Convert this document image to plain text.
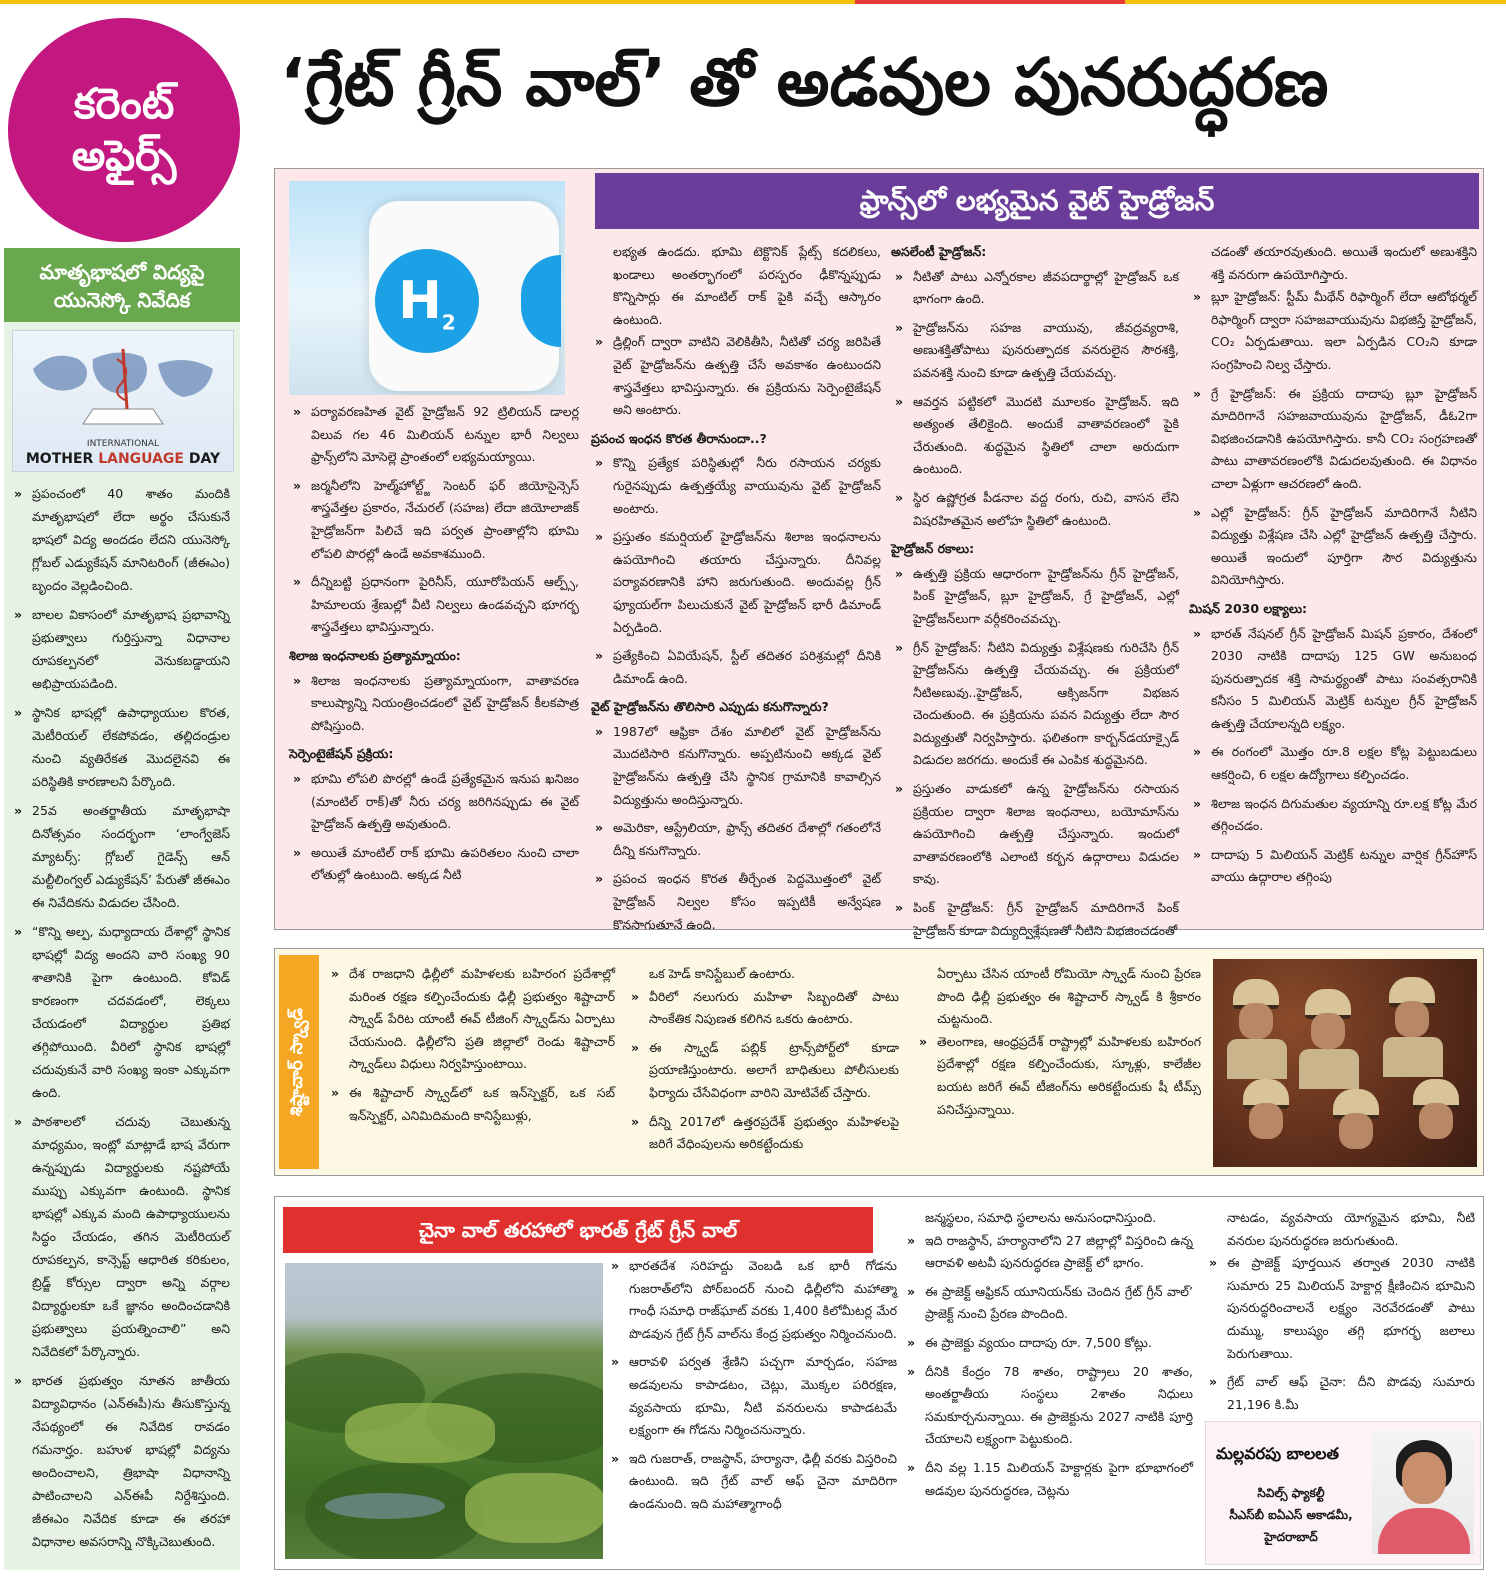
కరెంట్
అఫైర్స్
‘గ్రేట్ గ్రీన్ వాల్’ తో అడవుల పునరుద్ధరణ
మాతృభాషలో విద్యపై యునెస్కో నివేదిక
INTERNATIONAL
MOTHER LANGUAGE DAY
» ప్రపంచంలో 40 శాతం మందికి మాతృభాషలో లేదా అర్థం చేసుకునే భాషలో విద్య అందడం లేదని యునెస్కో గ్లోబల్ ఎడ్యుకేషన్ మానిటరింగ్ (జీఈఎం) బృందం వెల్లడించింది.
» బాలల వికాసంలో మాతృభాష ప్రభావాన్ని ప్రభుత్వాలు గుర్తిస్తున్నా విధానాల రూపకల్పనలో వెనుకబడ్డాయని అభిప్రాయపడింది.
» స్థానిక భాషల్లో ఉపాధ్యాయుల కొరత, మెటీరియల్ లేకపోవడం, తల్లిదండ్రుల నుంచి వ్యతిరేకత మొదలైనవి ఈ పరిస్థితికి కారణాలని పేర్కొంది.
» 25వ అంతర్జాతీయ మాతృభాషా దినోత్సవం సందర్భంగా ‘లాంగ్వేజెస్ మ్యాటర్స్: గ్లోబల్ గైడెన్స్ ఆన్ మల్టీలింగ్వల్ ఎడ్యుకేషన్’ పేరుతో జీఈఎం ఈ నివేదికను విడుదల చేసింది.
» “కొన్ని అల్ప, మధ్యాదాయ దేశాల్లో స్థానిక భాషల్లో విద్య అందని వారి సంఖ్య 90 శాతానికి పైగా ఉంటుంది. కోవిడ్ కారణంగా చదవడంలో, లెక్కలు చేయడంలో విద్యార్థుల ప్రతిభ తగ్గిపోయింది. వీరిలో స్థానిక భాషల్లో చదువుకునే వారి సంఖ్య ఇంకా ఎక్కువగా ఉంది.
» పాఠశాలలో చదువు చెబుతున్న మాధ్యమం, ఇంట్లో మాట్లాడే భాష వేరుగా ఉన్నప్పుడు విద్యార్థులకు నష్టపోయే ముప్పు ఎక్కువగా ఉంటుంది. స్థానిక భాషల్లో ఎక్కువ మంది ఉపాధ్యాయులను సిద్ధం చేయడం, తగిన మెటీరియల్ రూపకల్పన, కాన్సెప్ట్ ఆధారిత కరికులం, బ్రిడ్జ్ కోర్సుల ద్వారా అన్ని వర్గాల విద్యార్థులకూ ఒకే జ్ఞానం అందించడానికి ప్రభుత్వాలు ప్రయత్నించాలి” అని నివేదికలో పేర్కొన్నారు.
» భారత ప్రభుత్వం నూతన జాతీయ విద్యావిధానం (ఎన్ఈపీ)ను తీసుకొస్తున్న నేపథ్యంలో ఈ నివేదిక రావడం గమనార్హం. బహుళ భాషల్లో విద్యను అందించాలని, త్రిభాషా విధానాన్ని పాటించాలని ఎన్ఈపీ నిర్దేశిస్తుంది. జీఈఎం నివేదిక కూడా ఈ తరహా విధానాల అవసరాన్ని నొక్కిచెబుతుంది.
$H_2$
ఫ్రాన్స్‌లో లభ్యమైన వైట్ హైడ్రోజన్
» పర్యావరణహిత వైట్ హైడ్రోజన్ 92 ట్రిలియన్ డాలర్ల విలువ గల 46 మిలియన్ టన్నుల భారీ నిల్వలు ఫ్రాన్స్‌లోని మోసెల్లె ప్రాంతంలో లభ్యమయ్యాయి.
» జర్మనీలోని హెల్మ్‌హోల్ట్జ్ సెంటర్ ఫర్ జియోసైన్సెస్ శాస్త్రవేత్తల ప్రకారం, నేచురల్ (సహజ) లేదా జియోలాజిక్ హైడ్రోజన్‌గా పిలిచే ఇది పర్వత ప్రాంతాల్లోని భూమి లోపలి పొరల్లో ఉండే అవకాశముంది.
» దీన్నిబట్టి ప్రధానంగా పైరినీస్, యూరోపియన్ ఆల్ప్స్, హిమాలయ శ్రేణుల్లో వీటి నిల్వలు ఉండవచ్చని భూగర్భ శాస్త్రవేత్తలు భావిస్తున్నారు.
శిలాజ ఇంధనాలకు ప్రత్యామ్నాయం:
» శిలాజ ఇంధనాలకు ప్రత్యామ్నాయంగా, వాతావరణ కాలుష్యాన్ని నియంత్రించడంలో వైట్ హైడ్రోజన్ కీలకపాత్ర పోషిస్తుంది.
సెర్పెంటైజేషన్ ప్రక్రియ:
» భూమి లోపలి పొరల్లో ఉండే ప్రత్యేకమైన ఇనుప ఖనిజం (మాంటిల్ రాక్)తో నీరు చర్య జరిగినప్పుడు ఈ వైట్ హైడ్రోజన్ ఉత్పత్తి అవుతుంది.
» అయితే మాంటిల్ రాక్ భూమి ఉపరితలం నుంచి చాలా లోతుల్లో ఉంటుంది. అక్కడ నీటి
లభ్యత ఉండదు. భూమి టెక్టొనిక్ ప్లేట్స్ కదలికలు, ఖండాలు అంతర్భాగంలో పరస్పరం ఢీకొన్నప్పుడు కొన్నిసార్లు ఈ మాంటిల్ రాక్ పైకి వచ్చే ఆస్కారం ఉంటుంది.
» డ్రిల్లింగ్ ద్వారా వాటిని వెలికితీసి, నీటితో చర్య జరిపితే వైట్ హైడ్రోజన్‌ను ఉత్పత్తి చేసే అవకాశం ఉంటుందని శాస్త్రవేత్తలు భావిస్తున్నారు. ఈ ప్రక్రియను సెర్పెంటైజేషన్ అని అంటారు.
ప్రపంచ ఇంధన కొరత తీరానుందా..?
» కొన్ని ప్రత్యేక పరిస్థితుల్లో నీరు రసాయన చర్యకు గురైనప్పుడు ఉత్పత్తయ్యే వాయువును వైట్ హైడ్రోజన్ అంటారు.
» ప్రస్తుతం కమర్షియల్ హైడ్రోజన్‌ను శిలాజ ఇంధనాలను ఉపయోగించి తయారు చేస్తున్నారు. దీనివల్ల పర్యావరణానికి హాని జరుగుతుంది. అందువల్ల గ్రీన్ ఫ్యూయల్‌గా పిలుచుకునే వైట్ హైడ్రోజన్ భారీ డిమాండ్ ఏర్పడింది.
» ప్రత్యేకించి ఏవియేషన్, స్టీల్ తదితర పరిశ్రమల్లో దీనికి డిమాండ్ ఉంది.
వైట్ హైడ్రోజన్‌ను తొలిసారి ఎప్పుడు కనుగొన్నారు?
» 1987లో ఆఫ్రికా దేశం మాలిలో వైట్ హైడ్రోజన్‌ను మొదటిసారి కనుగొన్నారు. అప్పటినుంచి అక్కడ వైట్ హైడ్రోజన్‌ను ఉత్పత్తి చేసి స్థానిక గ్రామానికి కావాల్సిన విద్యుత్తును అందిస్తున్నారు.
» అమెరికా, ఆస్ట్రేలియా, ఫ్రాన్స్ తదితర దేశాల్లో గతంలోనే దీన్ని కనుగొన్నారు.
» ప్రపంచ ఇంధన కొరత తీర్చేంత పెద్దమొత్తంలో వైట్ హైడ్రోజన్ నిల్వల కోసం ఇప్పటికీ అన్వేషణ కొనసాగుతూనే ఉంది.
అసలేంటీ హైడ్రోజన్:
» నీటితో పాటు ఎన్నోరకాల జీవపదార్థాల్లో హైడ్రోజన్ ఒక భాగంగా ఉంది.
» హైడ్రోజన్‌ను సహజ వాయువు, జీవద్రవ్యరాశి, అణుశక్తితోపాటు పునరుత్పాదక వనరులైన సౌరశక్తి, పవనశక్తి నుంచి కూడా ఉత్పత్తి చేయవచ్చు.
» ఆవర్తన పట్టికలో మొదటి మూలకం హైడ్రోజన్. ఇది అత్యంత తేలికైంది. అందుకే వాతావరణంలో పైకి చేరుతుంది. శుద్ధమైన స్థితిలో చాలా అరుదుగా ఉంటుంది.
» స్థిర ఉష్ణోగ్రత పీడనాల వద్ద రంగు, రుచి, వాసన లేని విషరహితమైన అలోహ స్థితిలో ఉంటుంది.
హైడ్రోజన్ రకాలు:
» ఉత్పత్తి ప్రక్రియ ఆధారంగా హైడ్రోజన్‌ను గ్రీన్ హైడ్రోజన్, పింక్ హైడ్రోజన్, బ్లూ హైడ్రోజన్, గ్రే హైడ్రోజన్, ఎల్లో హైడ్రోజన్‌లుగా వర్గీకరించవచ్చు.
» గ్రీన్ హైడ్రోజన్: నీటిని విద్యుత్తు విశ్లేషణకు గురిచేసి గ్రీన్ హైడ్రోజన్‌ను ఉత్పత్తి చేయవచ్చు. ఈ ప్రక్రియలో నీటిఅణువు..హైడ్రోజన్, ఆక్సిజన్‌గా విభజన చెందుతుంది. ఈ ప్రక్రియను పవన విద్యుత్తు లేదా సౌర విద్యుత్తుతో నిర్వహిస్తారు. ఫలితంగా కార్బన్‌డయాక్సైడ్ విడుదల జరగదు. అందుకే ఈ ఎంపిక శుద్ధమైనది.
» ప్రస్తుతం వాడుకలో ఉన్న హైడ్రోజన్‌ను రసాయన ప్రక్రియల ద్వారా శిలాజ ఇంధనాలు, బయోమాస్‌ను ఉపయోగించి ఉత్పత్తి చేస్తున్నారు. ఇందులో వాతావరణంలోకి ఎలాంటి కర్బన ఉద్గారాలు విడుదల కావు.
» పింక్ హైడ్రోజన్: గ్రీన్ హైడ్రోజన్ మాదిరిగానే పింక్ హైడ్రోజన్ కూడా విద్యుద్విశ్లేషణతో నీటిని విభజించడంతో
చడంతో తయారవుతుంది. అయితే ఇందులో అణుశక్తిని శక్తి వనరుగా ఉపయోగిస్తారు.
» బ్లూ హైడ్రోజన్: స్టీమ్ మీథేన్ రిఫార్మింగ్ లేదా ఆటోథర్మల్ రిఫార్మింగ్ ద్వారా సహజవాయువును విభజిస్తే హైడ్రోజన్, CO₂ ఏర్పడుతాయి. ఇలా ఏర్పడిన CO₂ని కూడా సంగ్రహించి నిల్వ చేస్తారు.
» గ్రే హైడ్రోజన్: ఈ ప్రక్రియ దాదాపు బ్లూ హైడ్రోజన్ మాదిరిగానే సహజవాయువును హైడ్రోజన్, డీఓ2గా విభజించడానికి ఉపయోగిస్తారు. కానీ CO₂ సంగ్రహణతో పాటు వాతావరణంలోకి విడుదలవుతుంది. ఈ విధానం చాలా ఏళ్లుగా ఆచరణలో ఉంది.
» ఎల్లో హైడ్రోజన్: గ్రీన్ హైడ్రోజన్ మాదిరిగానే నీటిని విద్యుత్తు విశ్లేషణ చేసి ఎల్లో హైడ్రోజన్ ఉత్పత్తి చేస్తారు. అయితే ఇందులో పూర్తిగా సౌర విద్యుత్తును వినియోగిస్తారు.
మిషన్ 2030 లక్ష్యాలు:
» భారత్ నేషనల్ గ్రీన్ హైడ్రోజన్ మిషన్ ప్రకారం, దేశంలో 2030 నాటికి దాదాపు 125 GW అనుబంధ పునరుత్పాదక శక్తి సామర్థ్యంతో పాటు సంవత్సరానికి కనీసం 5 మిలియన్ మెట్రిక్ టన్నుల గ్రీన్ హైడ్రోజన్ ఉత్పత్తి చేయాలన్నది లక్ష్యం.
» ఈ రంగంలో మొత్తం రూ.8 లక్షల కోట్ల పెట్టుబడులు ఆకర్షించి, 6 లక్షల ఉద్యోగాలు కల్పించడం.
» శిలాజ ఇంధన దిగుమతుల వ్యయాన్ని రూ.లక్ష కోట్ల మేర తగ్గించడం.
» దాదాపు 5 మిలియన్ మెట్రిక్ టన్నుల వార్షిక గ్రీన్‌హౌస్ వాయు ఉద్గారాల తగ్గింపు
శిష్టాచార్ స్క్వాడ్
» దేశ రాజధాని ఢిల్లీలో మహిళలకు బహిరంగ ప్రదేశాల్లో మరింత రక్షణ కల్పించేందుకు ఢిల్లీ ప్రభుత్వం శిష్టాచార్ స్క్వాడ్ పేరిట యాంటీ ఈవ్ టీజింగ్ స్క్వాడ్‌ను ఏర్పాటు చేయనుంది. ఢిల్లీలోని ప్రతి జిల్లాలో రెండు శిష్టాచార్ స్క్వాడ్‌లు విధులు నిర్వహిస్తుంటాయి.
» ఈ శిష్టాచార్ స్క్వాడ్‌లో ఒక ఇన్‌స్పెక్టర్, ఒక సబ్ ఇన్‌స్పెక్టర్, ఎనిమిదిమంది కానిస్టేబుళ్లు,
ఒక హెడ్ కానిస్టేబుల్ ఉంటారు.
» వీరిలో నలుగురు మహిళా సిబ్బందితో పాటు సాంకేతిక నిపుణత కలిగిన ఒకరు ఉంటారు.
» ఈ స్క్వాడ్ పబ్లిక్ ట్రాన్స్‌పోర్ట్‌లో కూడా ప్రయాణిస్తుంటారు. అలాగే బాధితులు పోలీసులకు ఫిర్యాదు చేసేవిధంగా వారిని మోటివేట్ చేస్తారు.
» దీన్ని 2017లో ఉత్తరప్రదేశ్ ప్రభుత్వం మహిళలపై జరిగే వేధింపులను అరికట్టేందుకు
ఏర్పాటు చేసిన యాంటీ రోమియో స్క్వాడ్ నుంచి ప్రేరణ పొంది ఢిల్లీ ప్రభుత్వం ఈ శిష్టాచార్ స్క్వాడ్ కి శ్రీకారం చుట్టనుంది.
» తెలంగాణ, ఆంధ్రప్రదేశ్ రాష్ట్రాల్లో మహిళలకు బహిరంగ ప్రదేశాల్లో రక్షణ కల్పించేందుకు, స్కూళ్లు, కాలేజీల బయట జరిగే ఈవ్ టీజింగ్‌ను అరికట్టేందుకు షీ టీమ్స్ పనిచేస్తున్నాయి.
చైనా వాల్ తరహాలో భారత్ గ్రేట్ గ్రీన్ వాల్
» భారతదేశ సరిహద్దు వెంబడి ఒక భారీ గోడను గుజరాత్‌లోని పోర్‌బందర్ నుంచి ఢిల్లీలోని మహాత్మా గాంధీ సమాధి రాజ్‌ఘాట్ వరకు 1,400 కిలోమీటర్ల మేర పొడవున గ్రేట్ గ్రీన్ వాల్‌ను కేంద్ర ప్రభుత్వం నిర్మించనుంది.
» ఆరావళి పర్వత శ్రేణిని పచ్చగా మార్చడం, సహజ అడవులను కాపాడటం, చెట్లు, మొక్కల పరిరక్షణ, వ్యవసాయ భూమి, నీటి వనరులను కాపాడటమే లక్ష్యంగా ఈ గోడను నిర్మించనున్నారు.
» ఇది గుజరాత్, రాజస్థాన్, హర్యానా, ఢిల్లీ వరకు విస్తరించి ఉంటుంది. ఇది గ్రేట్ వాల్ ఆఫ్ చైనా మాదిరిగా ఉండనుంది. ఇది మహాత్మాగాంధీ
జన్మస్థలం, సమాధి స్థలాలను అనుసంధానిస్తుంది.
» ఇది రాజస్థాన్, హర్యానాలోని 27 జిల్లాల్లో విస్తరించి ఉన్న ఆరావళి అటవీ పునరుద్ధరణ ప్రాజెక్ట్ లో భాగం.
» ఈ ప్రాజెక్ట్ ఆఫ్రికన్ యూనియన్‌కు చెందిన గ్రేట్ గ్రీన్ వాల్’ ప్రాజెక్ట్ నుంచి ప్రేరణ పొందింది.
» ఈ ప్రాజెక్టు వ్యయం దాదాపు రూ. 7,500 కోట్లు.
» దీనికి కేంద్రం 78 శాతం, రాష్ట్రాలు 20 శాతం, అంతర్జాతీయ సంస్థలు 2శాతం నిధులు సమకూర్చనున్నాయి. ఈ ప్రాజెక్టును 2027 నాటికి పూర్తి చేయాలని లక్ష్యంగా పెట్టుకుంది.
» దీని వల్ల 1.15 మిలియన్ హెక్టార్లకు పైగా భూభాగంలో అడవుల పునరుద్ధరణ, చెట్లను
నాటడం, వ్యవసాయ యోగ్యమైన భూమి, నీటి వనరుల పునరుద్ధరణ జరుగుతుంది.
» ఈ ప్రాజెక్ట్ పూర్తయిన తర్వాత 2030 నాటికి సుమారు 25 మిలియన్ హెక్టార్ల క్షీణించిన భూమిని పునరుద్ధరించాలనే లక్ష్యం నెరవేరడంతో పాటు దుమ్ము, కాలుష్యం తగ్గి భూగర్భ జలాలు పెరుగుతాయి.
» గ్రేట్ వాల్ ఆఫ్ చైనా: దీని పొడవు సుమారు 21,196 కి.మీ
మల్లవరపు బాలలత
సివిల్స్ ఫ్యాకల్టీ
సీఎస్‌బీ ఐఏఎస్ అకాడమీ,
హైదరాబాద్
